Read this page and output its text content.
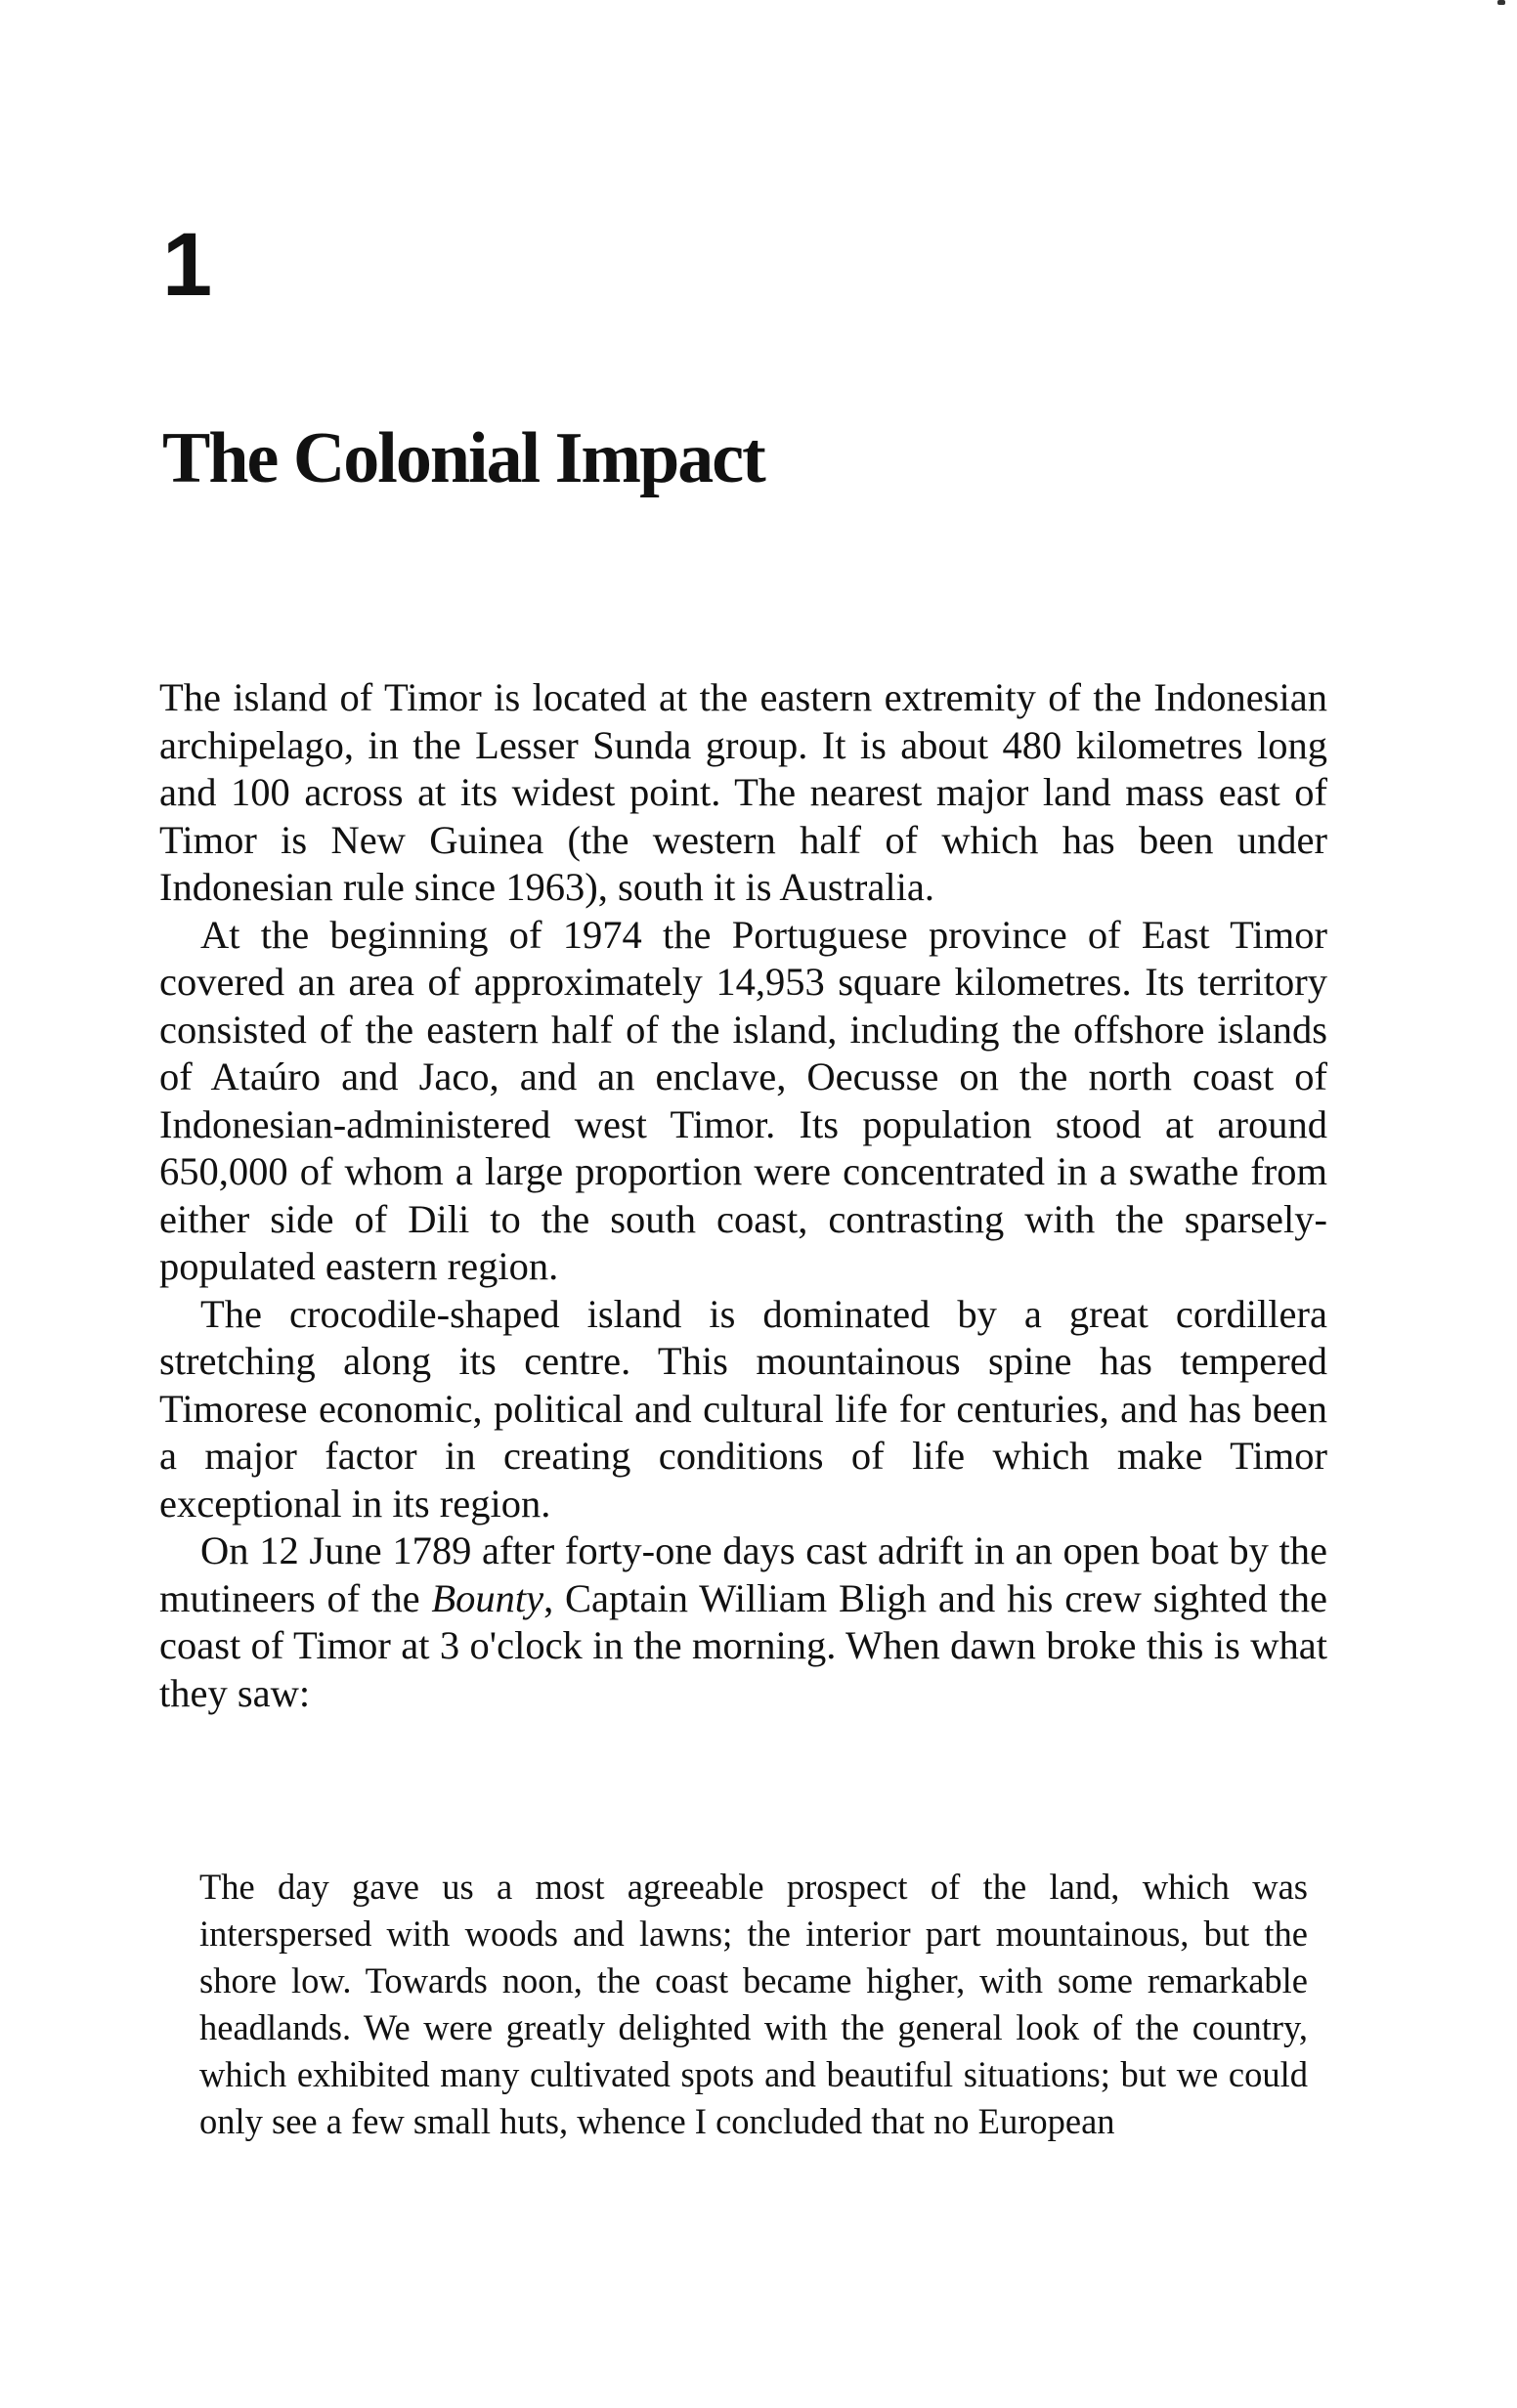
1
The Colonial Impact

The island of Timor is located at the eastern extremity of the Indonesian archipelago, in the Lesser Sunda group. It is about 480 kilometres long and 100 across at its widest point. The nearest major land mass east of Timor is New Guinea (the western half of which has been under Indonesian rule since 1963), south it is Australia.

At the beginning of 1974 the Portuguese province of East Timor covered an area of approximately 14,953 square kilometres. Its territory consisted of the eastern half of the island, including the offshore islands of Ataúro and Jaco, and an enclave, Oecusse on the north coast of Indonesian-administered west Timor. Its population stood at around 650,000 of whom a large proportion were concentrated in a swathe from either side of Dili to the south coast, contrasting with the sparsely-populated eastern region.

The crocodile-shaped island is dominated by a great cordillera stretching along its centre. This mountainous spine has tempered Timorese economic, political and cultural life for centuries, and has been a major factor in creating conditions of life which make Timor exceptional in its region.

On 12 June 1789 after forty-one days cast adrift in an open boat by the mutineers of the Bounty, Captain William Bligh and his crew sighted the coast of Timor at 3 o'clock in the morning. When dawn broke this is what they saw:

The day gave us a most agreeable prospect of the land, which was interspersed with woods and lawns; the interior part mountainous, but the shore low. Towards noon, the coast became higher, with some remarkable headlands. We were greatly delighted with the general look of the country, which exhibited many cultivated spots and beautiful situations; but we could only see a few small huts, whence I concluded that no European
